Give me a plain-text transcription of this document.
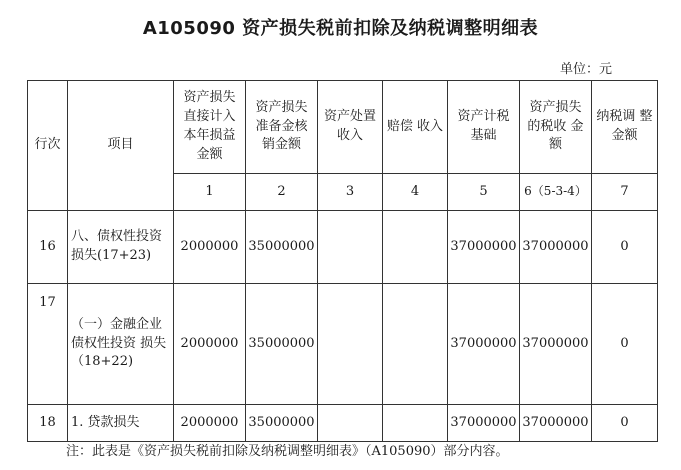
A105090 资产损失税前扣除及纳税调整明细表
单位：元
行次	项目	资产损失 直接计入 本年损益 金额	资产损失 准备金核 销金额	资产处置 收入	赔偿 收入	资产计税 基础	资产损失 的税收 金额	纳税调 整金额
		1	2	3	4	5	6（5-3-4）	7
16	八、债权性投资 损失(17+23)	2000000	35000000			37000000	37000000	0
17	（一）金融企业 债权性投资 损失（18+22)	2000000	35000000			37000000	37000000	0
18	1. 贷款损失	2000000	35000000			37000000	37000000	0
注：此表是《资产损失税前扣除及纳税调整明细表》（A105090）部分内容。
